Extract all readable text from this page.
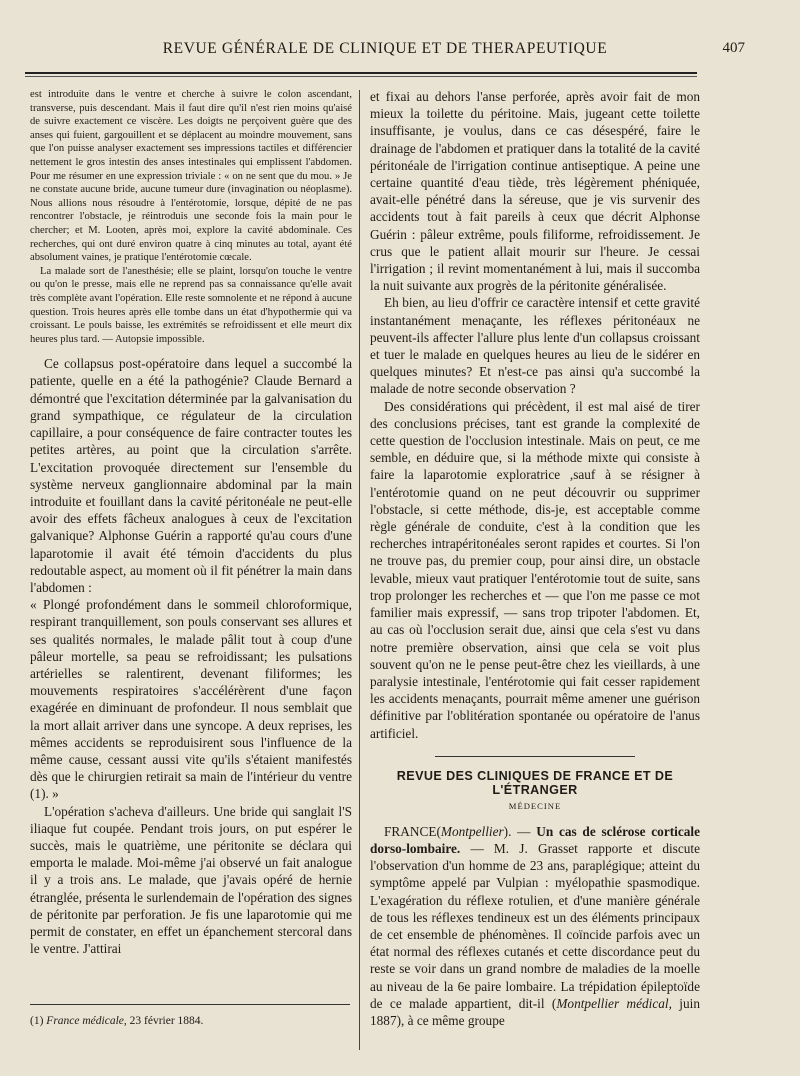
REVUE GÉNÉRALE DE CLINIQUE ET DE THERAPEUTIQUE	407

est introduite dans le ventre et cherche à suivre le colon ascendant, transverse, puis descendant. Mais il faut dire qu'il n'est rien moins qu'aisé de suivre exactement ce viscère. Les doigts ne perçoivent guère que des anses qui fuient, gargouillent et se déplacent au moindre mouvement, sans que l'on puisse analyser exactement ses impressions tactiles et différencier nettement le gros intestin des anses intestinales qui emplissent l'abdomen. Pour me résumer en une expression triviale : « on ne sent que du mou. » Je ne constate aucune bride, aucune tumeur dure (invagination ou néoplasme). Nous allions nous résoudre à l'entérotomie, lorsque, dépité de ne pas rencontrer l'obstacle, je réintroduis une seconde fois la main pour le chercher; et M. Looten, après moi, explore la cavité abdominale. Ces recherches, qui ont duré environ quatre à cinq minutes au total, ayant été absolument vaines, je pratique l'entérotomie cœcale.

La malade sort de l'anesthésie; elle se plaint, lorsqu'on touche le ventre ou qu'on le presse, mais elle ne reprend pas sa connaissance qu'elle avait très complète avant l'opération. Elle reste somnolente et ne répond à aucune question. Trois heures après elle tombe dans un état d'hypothermie qui va croissant. Le pouls baisse, les extrémités se refroidissent et elle meurt dix heures plus tard. — Autopsie impossible.

Ce collapsus post-opératoire dans lequel a succombé la patiente, quelle en a été la pathogénie? Claude Bernard a démontré que l'excitation déterminée par la galvanisation du grand sympathique, ce régulateur de la circulation capillaire, a pour conséquence de faire contracter toutes les petites artères, au point que la circulation s'arrête. L'excitation provoquée directement sur l'ensemble du système nerveux ganglionnaire abdominal par la main introduite et fouillant dans la cavité péritonéale ne peut-elle avoir des effets fâcheux analogues à ceux de l'excitation galvanique? Alphonse Guérin a rapporté qu'au cours d'une laparotomie il avait été témoin d'accidents du plus redoutable aspect, au moment où il fit pénétrer la main dans l'abdomen :

« Plongé profondément dans le sommeil chloroformique, respirant tranquillement, son pouls conservant ses allures et ses qualités normales, le malade pâlit tout à coup d'une pâleur mortelle, sa peau se refroidissant; les pulsations artérielles se ralentirent, devenant filiformes; les mouvements respiratoires s'accélérèrent d'une façon exagérée en diminuant de profondeur. Il nous semblait que la mort allait arriver dans une syncope. A deux reprises, les mêmes accidents se reproduisirent sous l'influence de la même cause, cessant aussi vite qu'ils s'étaient manifestés dès que le chirurgien retirait sa main de l'intérieur du ventre (1). »

L'opération s'acheva d'ailleurs. Une bride qui sanglait l'S iliaque fut coupée. Pendant trois jours, on put espérer le succès, mais le quatrième, une péritonite se déclara qui emporta le malade. Moi-même j'ai observé un fait analogue il y a trois ans. Le malade, que j'avais opéré de hernie étranglée, présenta le surlendemain de l'opération des signes de péritonite par perforation. Je fis une laparotomie qui me permit de constater, en effet un épanchement stercoral dans le ventre. J'attirai

(1) France médicale, 23 février 1884.

et fixai au dehors l'anse perforée, après avoir fait de mon mieux la toilette du péritoine. Mais, jugeant cette toilette insuffisante, je voulus, dans ce cas désespéré, faire le drainage de l'abdomen et pratiquer dans la totalité de la cavité péritonéale de l'irrigation continue antiseptique. A peine une certaine quantité d'eau tiède, très légèrement phéniquée, avait-elle pénétré dans la séreuse, que je vis survenir des accidents tout à fait pareils à ceux que décrit Alphonse Guérin : pâleur extrême, pouls filiforme, refroidissement. Je crus que le patient allait mourir sur l'heure. Je cessai l'irrigation ; il revint momentanément à lui, mais il succomba la nuit suivante aux progrès de la péritonite généralisée.

Eh bien, au lieu d'offrir ce caractère intensif et cette gravité instantanément menaçante, les réflexes péritonéaux ne peuvent-ils affecter l'allure plus lente d'un collapsus croissant et tuer le malade en quelques heures au lieu de le sidérer en quelques minutes? Et n'est-ce pas ainsi qu'a succombé la malade de notre seconde observation ?

Des considérations qui précèdent, il est mal aisé de tirer des conclusions précises, tant est grande la complexité de cette question de l'occlusion intestinale. Mais on peut, ce me semble, en déduire que, si la méthode mixte qui consiste à faire la laparotomie exploratrice ,sauf à se résigner à l'entérotomie quand on ne peut découvrir ou supprimer l'obstacle, si cette méthode, dis-je, est acceptable comme règle générale de conduite, c'est à la condition que les recherches intrapéritonéales seront rapides et courtes. Si l'on ne trouve pas, du premier coup, pour ainsi dire, un obstacle levable, mieux vaut pratiquer l'entérotomie tout de suite, sans trop prolonger les recherches et — que l'on me passe ce mot familier mais expressif, — sans trop tripoter l'abdomen. Et, au cas où l'occlusion serait due, ainsi que cela s'est vu dans notre première observation, ainsi que cela se voit plus souvent qu'on ne le pense peut-être chez les vieillards, à une paralysie intestinale, l'entérotomie qui fait cesser rapidement les accidents menaçants, pourrait même amener une guérison définitive par l'oblitération spontanée ou opératoire de l'anus artificiel.

REVUE DES CLINIQUES DE FRANCE ET DE L'ÉTRANGER
MÉDECINE

FRANCE(Montpellier). — Un cas de sclérose corticale dorso-lombaire. — M. J. Grasset rapporte et discute l'observation d'un homme de 23 ans, paraplégique; atteint du symptôme appelé par Vulpian : myélopathie spasmodique. L'exagération du réflexe rotulien, et d'une manière générale de tous les réflexes tendineux est un des éléments principaux de cet ensemble de phénomènes. Il coïncide parfois avec un état normal des réflexes cutanés et cette discordance peut du reste se voir dans un grand nombre de maladies de la moelle au niveau de la 6e paire lombaire. La trépidation épileptoïde de ce malade appartient, dit-il (Montpellier médical, juin 1887), à ce même groupe
